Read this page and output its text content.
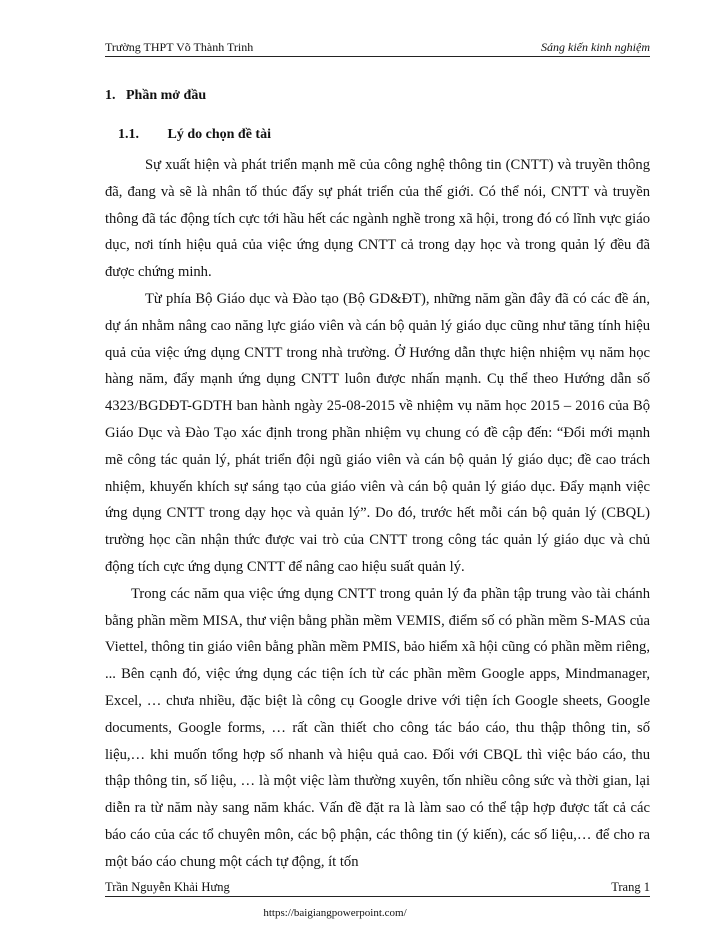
Trường THPT Võ Thành Trinh	Sáng kiến kinh nghiệm
1. Phần mở đầu
1.1. Lý do chọn đề tài

Sự xuất hiện và phát triển mạnh mẽ của công nghệ thông tin (CNTT) và truyền thông đã, đang và sẽ là nhân tố thúc đẩy sự phát triển của thế giới. Có thể nói, CNTT và truyền thông đã tác động tích cực tới hầu hết các ngành nghề trong xã hội, trong đó có lĩnh vực giáo dục, nơi tính hiệu quả của việc ứng dụng CNTT cả trong dạy học và trong quản lý đều đã được chứng minh.

Từ phía Bộ Giáo dục và Đào tạo (Bộ GD&ĐT), những năm gần đây đã có các đề án, dự án nhằm nâng cao năng lực giáo viên và cán bộ quản lý giáo dục cũng như tăng tính hiệu quả của việc ứng dụng CNTT trong nhà trường. Ở Hướng dẫn thực hiện nhiệm vụ năm học hàng năm, đẩy mạnh ứng dụng CNTT luôn được nhấn mạnh. Cụ thể theo Hướng dẫn số 4323/BGDĐT-GDTH ban hành ngày 25-08-2015 về nhiệm vụ năm học 2015 – 2016 của Bộ Giáo Dục và Đào Tạo xác định trong phần nhiệm vụ chung có đề cập đến: “Đổi mới mạnh mẽ công tác quản lý, phát triển đội ngũ giáo viên và cán bộ quản lý giáo dục; đề cao trách nhiệm, khuyến khích sự sáng tạo của giáo viên và cán bộ quản lý giáo dục. Đẩy mạnh việc ứng dụng CNTT trong dạy học và quản lý”. Do đó, trước hết mỗi cán bộ quản lý (CBQL) trường học cần nhận thức được vai trò của CNTT trong công tác quản lý giáo dục và chủ động tích cực ứng dụng CNTT để nâng cao hiệu suất quản lý.

Trong các năm qua việc ứng dụng CNTT trong quản lý đa phần tập trung vào tài chánh bằng phần mềm MISA, thư viện bằng phần mềm VEMIS, điểm số có phần mềm S-MAS của Viettel, thông tin giáo viên bằng phần mềm PMIS, bảo hiểm xã hội cũng có phần mềm riêng, ... Bên cạnh đó, việc ứng dụng các tiện ích từ các phần mềm Google apps, Mindmanager, Excel, … chưa nhiều, đặc biệt là công cụ Google drive với tiện ích Google sheets, Google documents, Google forms, … rất cần thiết cho công tác báo cáo, thu thập thông tin, số liệu,… khi muốn tổng hợp số nhanh và hiệu quả cao. Đối với CBQL thì việc báo cáo, thu thập thông tin, số liệu, … là một việc làm thường xuyên, tốn nhiều công sức và thời gian, lại diễn ra từ năm này sang năm khác. Vấn đề đặt ra là làm sao có thể tập hợp được tất cả các báo cáo của các tổ chuyên môn, các bộ phận, các thông tin (ý kiến), các số liệu,… để cho ra một báo cáo chung một cách tự động, ít tốn

Trần Nguyễn Khải Hưng	Trang 1
https://baigiangpowerpoint.com/
